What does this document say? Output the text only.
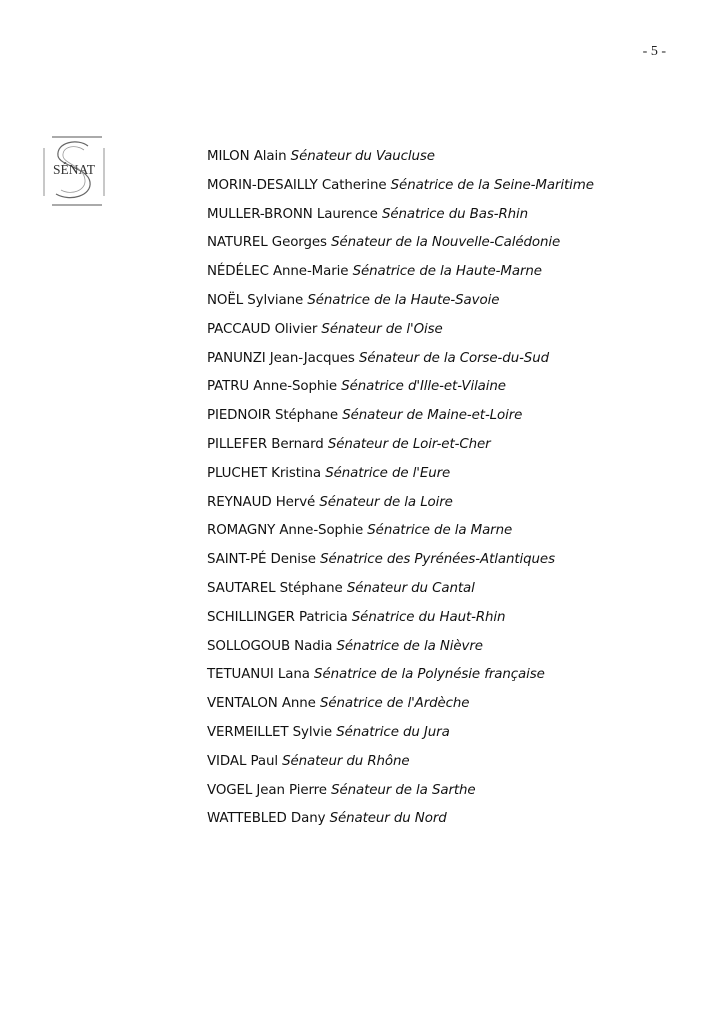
- 5 -
SÉNAT
MILON Alain Sénateur du Vaucluse
MORIN-DESAILLY Catherine Sénatrice de la Seine-Maritime
MULLER-BRONN Laurence Sénatrice du Bas-Rhin
NATUREL Georges Sénateur de la Nouvelle-Calédonie
NÉDÉLEC Anne-Marie Sénatrice de la Haute-Marne
NOËL Sylviane Sénatrice de la Haute-Savoie
PACCAUD Olivier Sénateur de l'Oise
PANUNZI Jean-Jacques Sénateur de la Corse-du-Sud
PATRU Anne-Sophie Sénatrice d'Ille-et-Vilaine
PIEDNOIR Stéphane Sénateur de Maine-et-Loire
PILLEFER Bernard Sénateur de Loir-et-Cher
PLUCHET Kristina Sénatrice de l'Eure
REYNAUD Hervé Sénateur de la Loire
ROMAGNY Anne-Sophie Sénatrice de la Marne
SAINT-PÉ Denise Sénatrice des Pyrénées-Atlantiques
SAUTAREL Stéphane Sénateur du Cantal
SCHILLINGER Patricia Sénatrice du Haut-Rhin
SOLLOGOUB Nadia Sénatrice de la Nièvre
TETUANUI Lana Sénatrice de la Polynésie française
VENTALON Anne Sénatrice de l'Ardèche
VERMEILLET Sylvie Sénatrice du Jura
VIDAL Paul Sénateur du Rhône
VOGEL Jean Pierre Sénateur de la Sarthe
WATTEBLED Dany Sénateur du Nord
